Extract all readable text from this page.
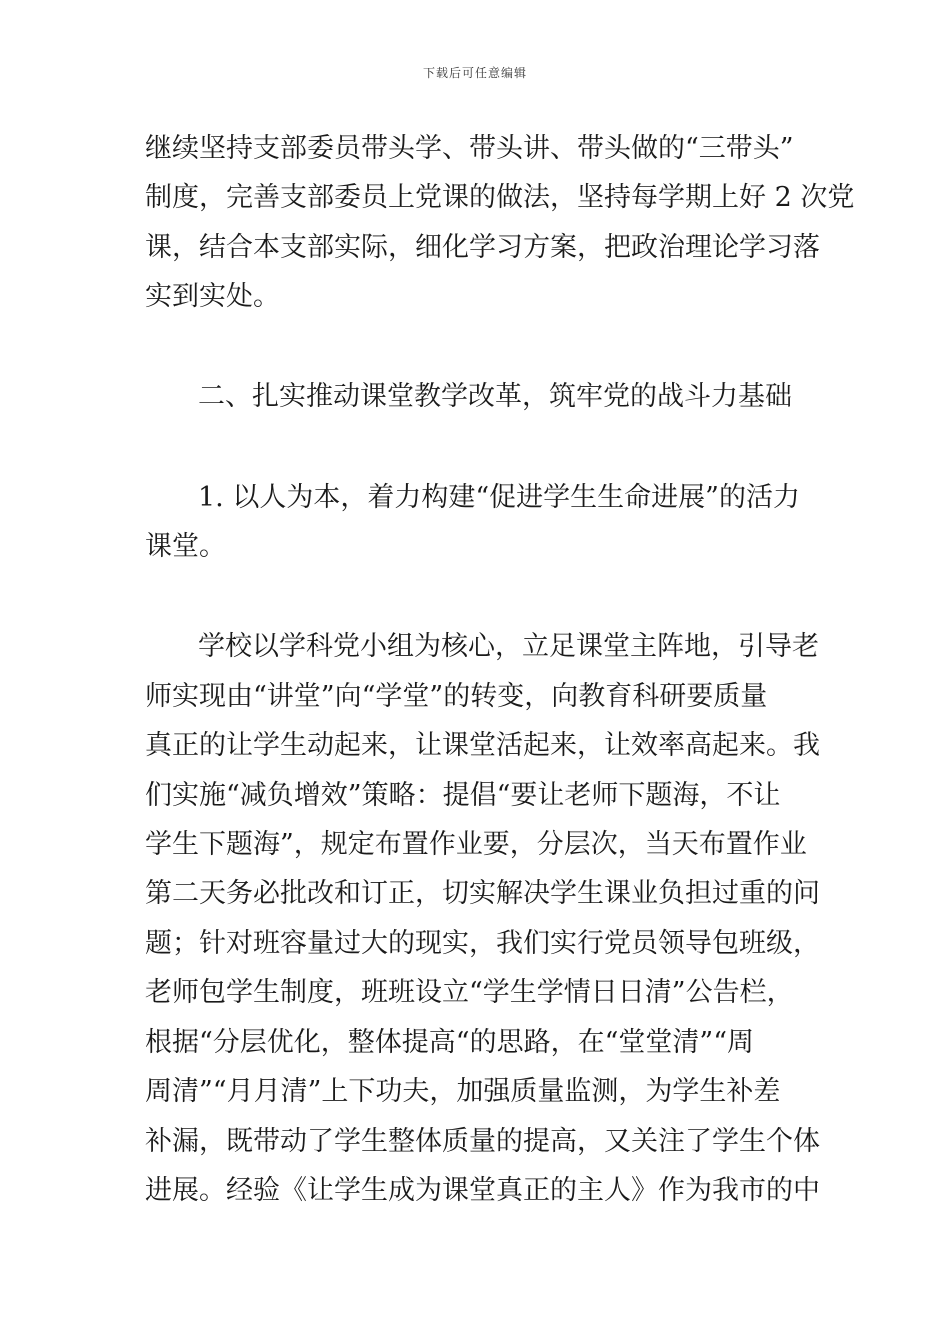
下载后可任意编辑
继续坚持支部委员带头学、带头讲、带头做的“三带头”
制度，完善支部委员上党课的做法，坚持每学期上好 2 次党
课，结合本支部实际，细化学习方案，把政治理论学习落
实到实处。
二、扎实推动课堂教学改革，筑牢党的战斗力基础
1. 以人为本，着力构建“促进学生生命进展”的活力
课堂。
学校以学科党小组为核心，立足课堂主阵地，引导老
师实现由“讲堂”向“学堂”的转变，向教育科研要质量
真正的让学生动起来，让课堂活起来，让效率高起来。我
们实施“减负增效”策略：提倡“要让老师下题海，不让
学生下题海”，规定布置作业要，分层次，当天布置作业
第二天务必批改和订正，切实解决学生课业负担过重的问
题；针对班容量过大的现实，我们实行党员领导包班级，
老师包学生制度，班班设立“学生学情日日清”公告栏，
根据“分层优化，整体提高“的思路，在“堂堂清”“周
周清”“月月清”上下功夫，加强质量监测，为学生补差
补漏，既带动了学生整体质量的提高，又关注了学生个体
进展。经验《让学生成为课堂真正的主人》作为我市的中
